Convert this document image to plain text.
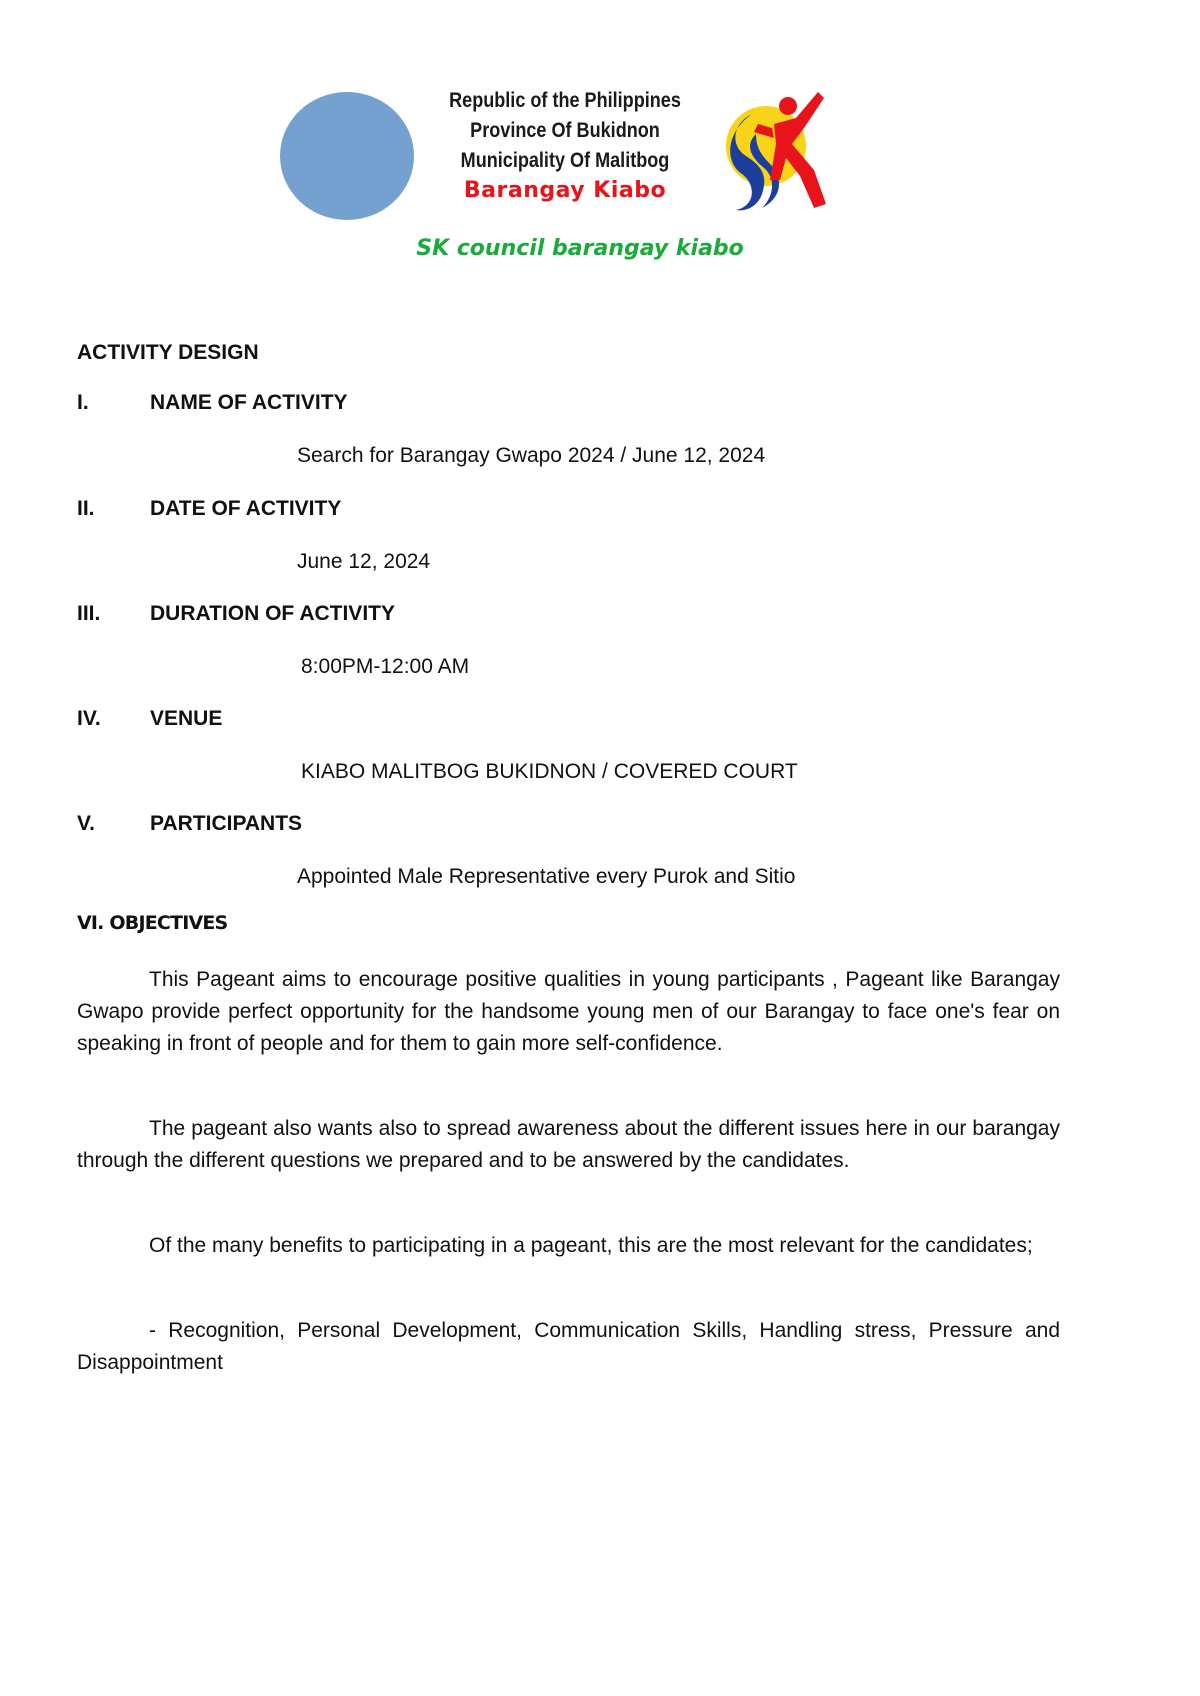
Republic of the Philippines
Province Of Bukidnon
Municipality Of Malitbog
Barangay Kiabo
SK council barangay kiabo
ACTIVITY DESIGN
I.	NAME OF ACTIVITY
Search for Barangay Gwapo 2024 / June 12, 2024
II.	DATE OF ACTIVITY
June 12, 2024
III. DURATION OF ACTIVITY
8:00PM-12:00 AM
IV. VENUE
KIABO MALITBOG BUKIDNON / COVERED COURT
V.	PARTICIPANTS
Appointed Male Representative every Purok and Sitio
VI. OBJECTIVES

This Pageant aims to encourage positive qualities in young participants , Pageant like Barangay Gwapo provide perfect opportunity for the handsome young men of our Barangay to face one's fear on speaking in front of people and for them to gain more self-confidence.

The pageant also wants also to spread awareness about the different issues here in our barangay through the different questions we prepared and to be answered by the candidates.

Of the many benefits to participating in a pageant, this are the most relevant for the candidates;

- Recognition, Personal Development, Communication Skills, Handling stress, Pressure and Disappointment
